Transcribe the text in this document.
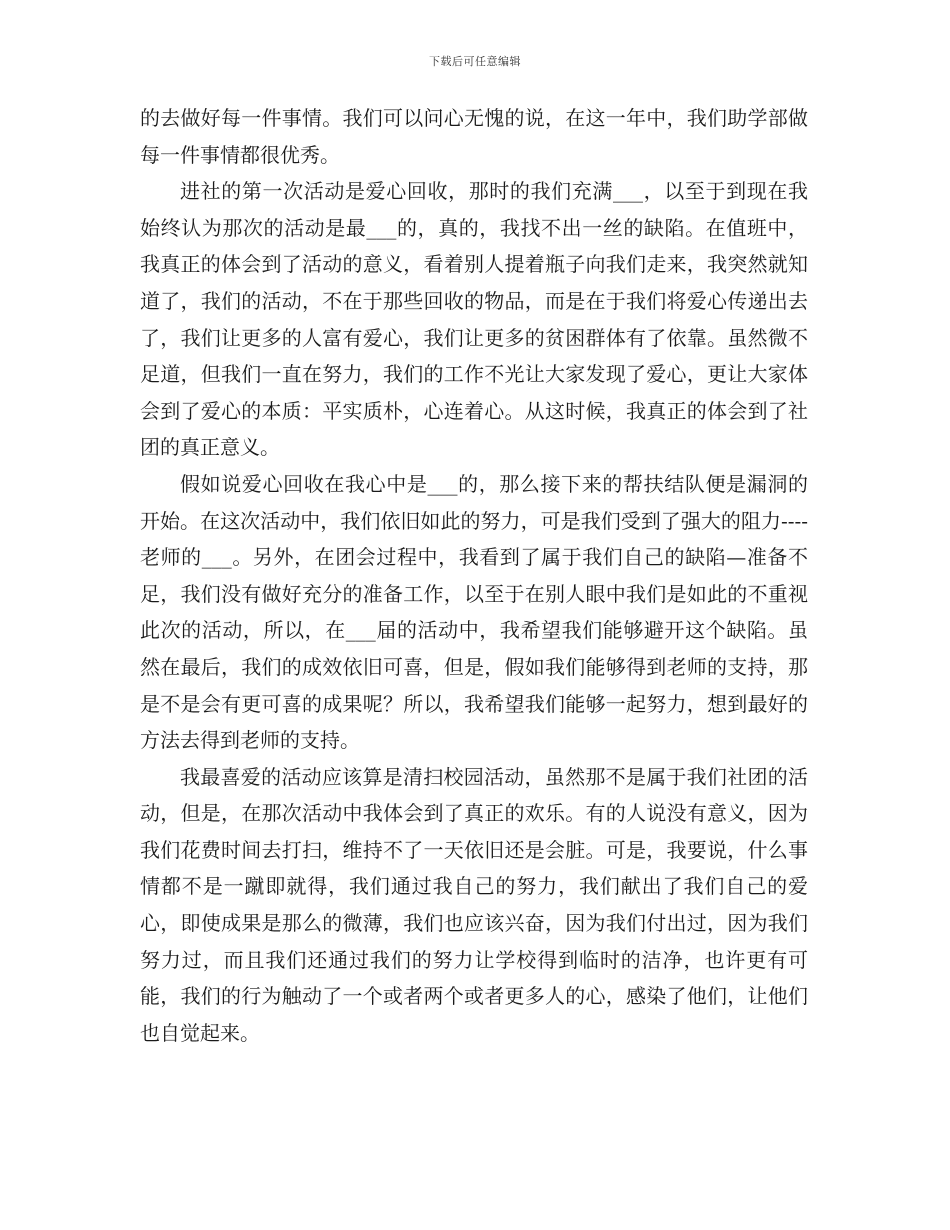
下载后可任意编辑

的去做好每一件事情。我们可以问心无愧的说，在这一年中，我们助学部做每一件事情都很优秀。

进社的第一次活动是爱心回收，那时的我们充满___，以至于到现在我始终认为那次的活动是最___的，真的，我找不出一丝的缺陷。在值班中，我真正的体会到了活动的意义，看着别人提着瓶子向我们走来，我突然就知道了，我们的活动，不在于那些回收的物品，而是在于我们将爱心传递出去了，我们让更多的人富有爱心，我们让更多的贫困群体有了依靠。虽然微不足道，但我们一直在努力，我们的工作不光让大家发现了爱心，更让大家体会到了爱心的本质：平实质朴，心连着心。从这时候，我真正的体会到了社团的真正意义。

假如说爱心回收在我心中是___的，那么接下来的帮扶结队便是漏洞的开始。在这次活动中，我们依旧如此的努力，可是我们受到了强大的阻力----老师的___。另外，在团会过程中，我看到了属于我们自己的缺陷—准备不足，我们没有做好充分的准备工作，以至于在别人眼中我们是如此的不重视此次的活动，所以，在___届的活动中，我希望我们能够避开这个缺陷。虽然在最后，我们的成效依旧可喜，但是，假如我们能够得到老师的支持，那是不是会有更可喜的成果呢？所以，我希望我们能够一起努力，想到最好的方法去得到老师的支持。

我最喜爱的活动应该算是清扫校园活动，虽然那不是属于我们社团的活动，但是，在那次活动中我体会到了真正的欢乐。有的人说没有意义，因为我们花费时间去打扫，维持不了一天依旧还是会脏。可是，我要说，什么事情都不是一蹴即就得，我们通过我自己的努力，我们献出了我们自己的爱心，即使成果是那么的微薄，我们也应该兴奋，因为我们付出过，因为我们努力过，而且我们还通过我们的努力让学校得到临时的洁净，也许更有可能，我们的行为触动了一个或者两个或者更多人的心，感染了他们，让他们也自觉起来。
